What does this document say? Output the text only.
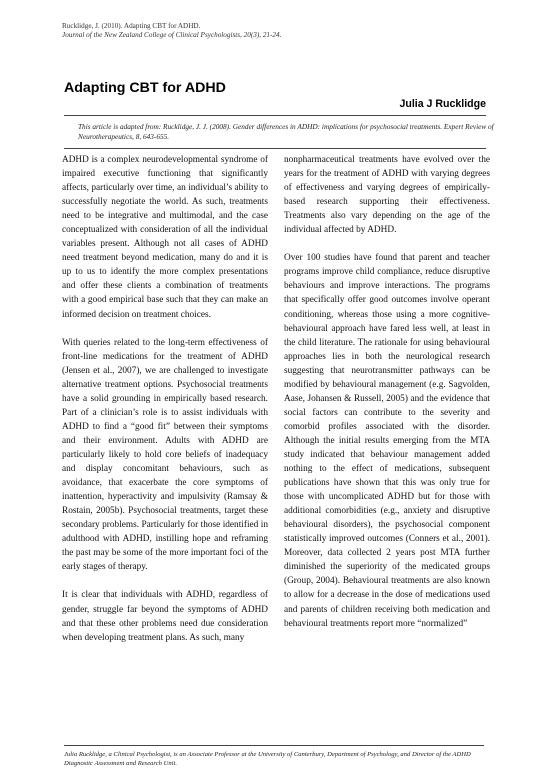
Rucklidge, J. (2010). Adapting CBT for ADHD.
Journal of the New Zealand College of Clinical Psychologists, 20(3), 21-24.
Adapting CBT for ADHD
Julia J Rucklidge
This article is adapted from: Rucklidge, J. J. (2008). Gender differences in ADHD: implications for psychosocial treatments. Expert Review of Neurotherapeutics, 8, 643-655.

ADHD is a complex neurodevelopmental syndrome of impaired executive functioning that significantly affects, particularly over time, an individual’s ability to successfully negotiate the world. As such, treatments need to be integrative and multimodal, and the case conceptualized with consideration of all the individual variables present. Although not all cases of ADHD need treatment beyond medication, many do and it is up to us to identify the more complex presentations and offer these clients a combination of treatments with a good empirical base such that they can make an informed decision on treatment choices.

With queries related to the long-term effectiveness of front-line medications for the treatment of ADHD (Jensen et al., 2007), we are challenged to investigate alternative treatment options. Psychosocial treatments have a solid grounding in empirically based research. Part of a clinician’s role is to assist individuals with ADHD to find a “good fit” between their symptoms and their environment. Adults with ADHD are particularly likely to hold core beliefs of inadequacy and display concomitant behaviours, such as avoidance, that exacerbate the core symptoms of inattention, hyperactivity and impulsivity (Ramsay & Rostain, 2005b). Psychosocial treatments, target these secondary problems. Particularly for those identified in adulthood with ADHD, instilling hope and reframing the past may be some of the more important foci of the early stages of therapy.

It is clear that individuals with ADHD, regardless of gender, struggle far beyond the symptoms of ADHD and that these other problems need due consideration when developing treatment plans. As such, many

nonpharmaceutical treatments have evolved over the years for the treatment of ADHD with varying degrees of effectiveness and varying degrees of empirically-based research supporting their effectiveness. Treatments also vary depending on the age of the individual affected by ADHD.

Over 100 studies have found that parent and teacher programs improve child compliance, reduce disruptive behaviours and improve interactions. The programs that specifically offer good outcomes involve operant conditioning, whereas those using a more cognitive-behavioural approach have fared less well, at least in the child literature. The rationale for using behavioural approaches lies in both the neurological research suggesting that neurotransmitter pathways can be modified by behavioural management (e.g. Sagvolden, Aase, Johansen & Russell, 2005) and the evidence that social factors can contribute to the severity and comorbid profiles associated with the disorder. Although the initial results emerging from the MTA study indicated that behaviour management added nothing to the effect of medications, subsequent publications have shown that this was only true for those with uncomplicated ADHD but for those with additional comorbidities (e.g., anxiety and disruptive behavioural disorders), the psychosocial component statistically improved outcomes (Conners et al., 2001). Moreover, data collected 2 years post MTA further diminished the superiority of the medicated groups (Group, 2004). Behavioural treatments are also known to allow for a decrease in the dose of medications used and parents of children receiving both medication and behavioural treatments report more “normalized”

Julia Rucklidge, a Clinical Psychologist, is an Associate Professor at the University of Canterbury, Department of Psychology, and Director of the ADHD Diagnostic Assessment and Research Unit.
